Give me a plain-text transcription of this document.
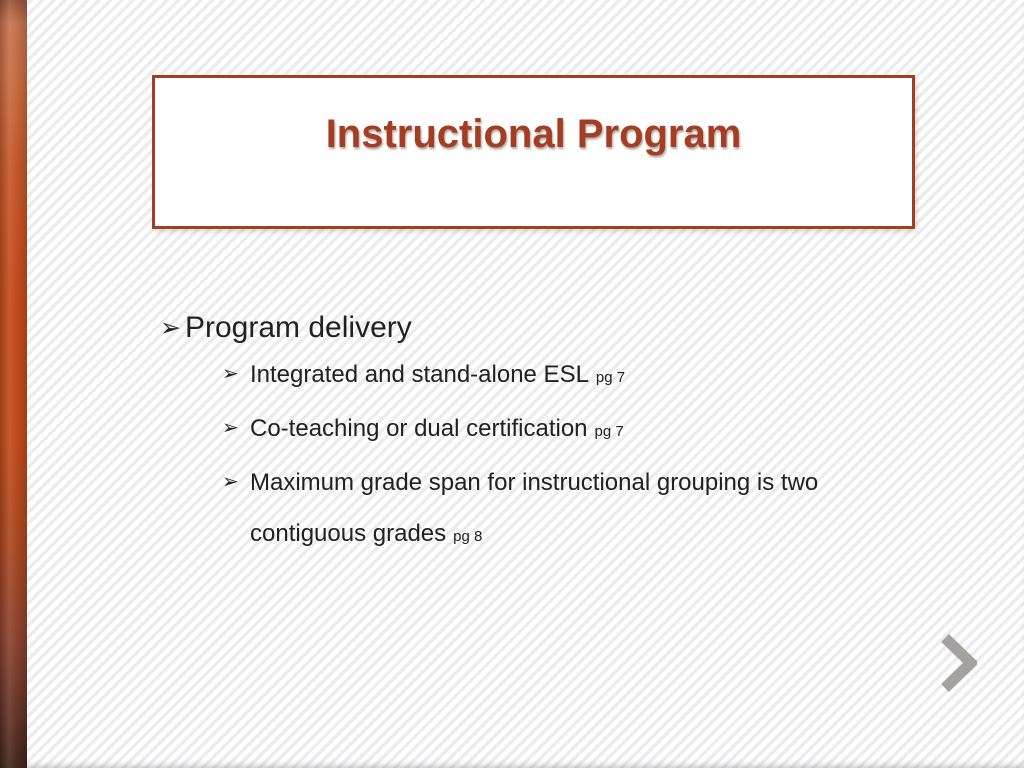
Instructional Program
➢ Program delivery
➢ Integrated and stand-alone ESL pg 7
➢ Co-teaching or dual certification pg 7
➢ Maximum grade span for instructional grouping is two contiguous grades pg 8
